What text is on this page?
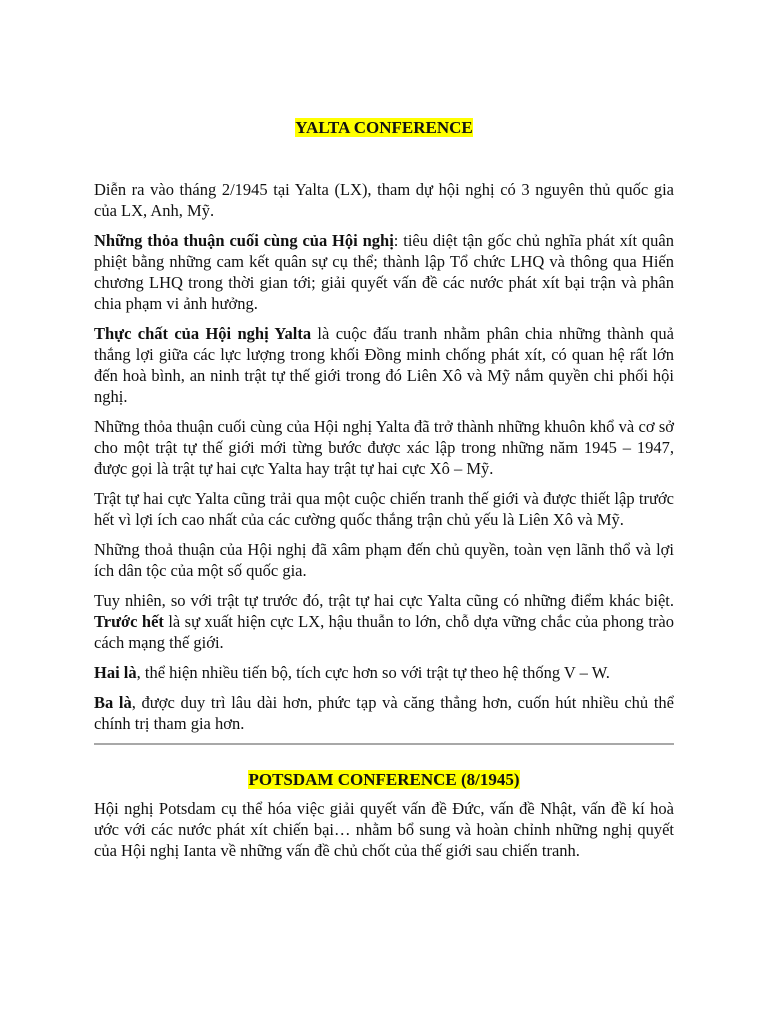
YALTA CONFERENCE

Diễn ra vào tháng 2/1945 tại Yalta (LX), tham dự hội nghị có 3 nguyên thủ quốc gia của LX, Anh, Mỹ.

Những thỏa thuận cuối cùng của Hội nghị: tiêu diệt tận gốc chủ nghĩa phát xít quân phiệt bằng những cam kết quân sự cụ thể; thành lập Tổ chức LHQ và thông qua Hiến chương LHQ trong thời gian tới; giải quyết vấn đề các nước phát xít bại trận và phân chia phạm vi ảnh hưởng.

Thực chất của Hội nghị Yalta là cuộc đấu tranh nhằm phân chia những thành quả thắng lợi giữa các lực lượng trong khối Đồng minh chống phát xít, có quan hệ rất lớn đến hoà bình, an ninh trật tự thế giới trong đó Liên Xô và Mỹ nắm quyền chi phối hội nghị.

Những thỏa thuận cuối cùng của Hội nghị Yalta đã trở thành những khuôn khổ và cơ sở cho một trật tự thế giới mới từng bước được xác lập trong những năm 1945 – 1947, được gọi là trật tự hai cực Yalta hay trật tự hai cực Xô – Mỹ.

Trật tự hai cực Yalta cũng trải qua một cuộc chiến tranh thế giới và được thiết lập trước hết vì lợi ích cao nhất của các cường quốc thắng trận chủ yếu là Liên Xô và Mỹ.

Những thoả thuận của Hội nghị đã xâm phạm đến chủ quyền, toàn vẹn lãnh thổ và lợi ích dân tộc của một số quốc gia.

Tuy nhiên, so với trật tự trước đó, trật tự hai cực Yalta cũng có những điểm khác biệt. Trước hết là sự xuất hiện cực LX, hậu thuẫn to lớn, chỗ dựa vững chắc của phong trào cách mạng thế giới.

Hai là, thể hiện nhiều tiến bộ, tích cực hơn so với trật tự theo hệ thống V – W.

Ba là, được duy trì lâu dài hơn, phức tạp và căng thẳng hơn, cuốn hút nhiều chủ thể chính trị tham gia hơn.

POTSDAM CONFERENCE (8/1945)

Hội nghị Potsdam cụ thể hóa việc giải quyết vấn đề Đức, vấn đề Nhật, vấn đề kí hoà ước với các nước phát xít chiến bại… nhằm bổ sung và hoàn chỉnh những nghị quyết của Hội nghị Ianta về những vấn đề chủ chốt của thế giới sau chiến tranh.
